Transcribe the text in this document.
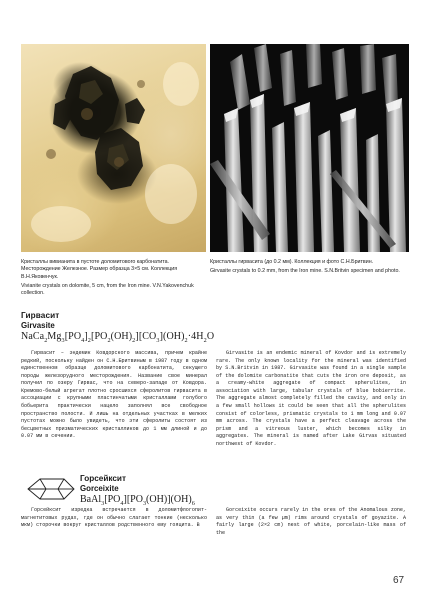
Кристаллы вивианита в пустоте доломитового карбонатита. Месторождение Железное. Размер образца 3×5 см. Коллекция В.Н.Яковенчук.

Vivianite crystals on dolomite, 5 cm, from the Iron mine. V.N.Yakovenchuk collection.

Кристаллы гирвасита (до 0.2 мм). Коллекция и фото С.Н.Бритвин.

Girvasite crystals to 0.2 mm, from the Iron mine. S.N.Britvin specimen and photo.

Гирвасит
Girvasite
$NaCa_2Mg_3[PO_4]_2[PO_2(OH)_2][CO_3](OH)_2\cdot 4H_2O$

Гирвасит – эндемик Ковдорского массива, причем крайне редкий, поскольку найден он С.Н.Бритвиным в 1987 году в одном единственном образце доломитового карбонатита, секущего породы железорудного месторождения. Название свое минерал получил по озеру Гирвас, что на северо-западе от Ковдора. Кремово-белый агрегат плотно сросшихся сферолитов гирвасита в ассоциации с крупными пластинчатыми кристаллами голубого бобьерита практически нацело заполнял все свободное пространство полости. И лишь на отдельных участках в мелких пустотах можно было увидеть, что эти сферолиты состоят из бесцветных призматических кристалликов до 1 мм длиной и до 0.07 мм в сечении.

Girvasite is an endemic mineral of Kovdor and is extremely rare. The only known locality for the mineral was identified by S.N.Britvin in 1987. Girvasite was found in a single sample of the dolomite carbonatite that cuts the iron ore deposit, as a creamy-white aggregate of compact spherulites, in association with large, tabular crystals of blue bobierrite. The aggregate almost completely filled the cavity, and only in a few small hollows it could be seen that all the spherulites consist of colorless, prismatic crystals to 1 mm long and 0.07 mm across. The crystals have a perfect cleavage across the prism and a vitreous luster, which becomes silky in aggregates. The mineral is named after Lake Girvas situated northwest of Kovdor.

Горсейксит
Gorceixite
$BaAl_3[PO_4][PO_3(OH)](OH)_6$

Горсейксит изредка встречается в доломитфлогопит-магнетитовых рудах, где он обычно слагает тонкие (несколько мкм) сторочки вокруг кристаллов родственного ему гояцита. В

Gorceixite occurs rarely in the ores of the Anomalous zone, as very thin (a few µm) rims around crystals of goyazite. A fairly large (2×2 cm) nest of white, porcelain-like mass of the

67
